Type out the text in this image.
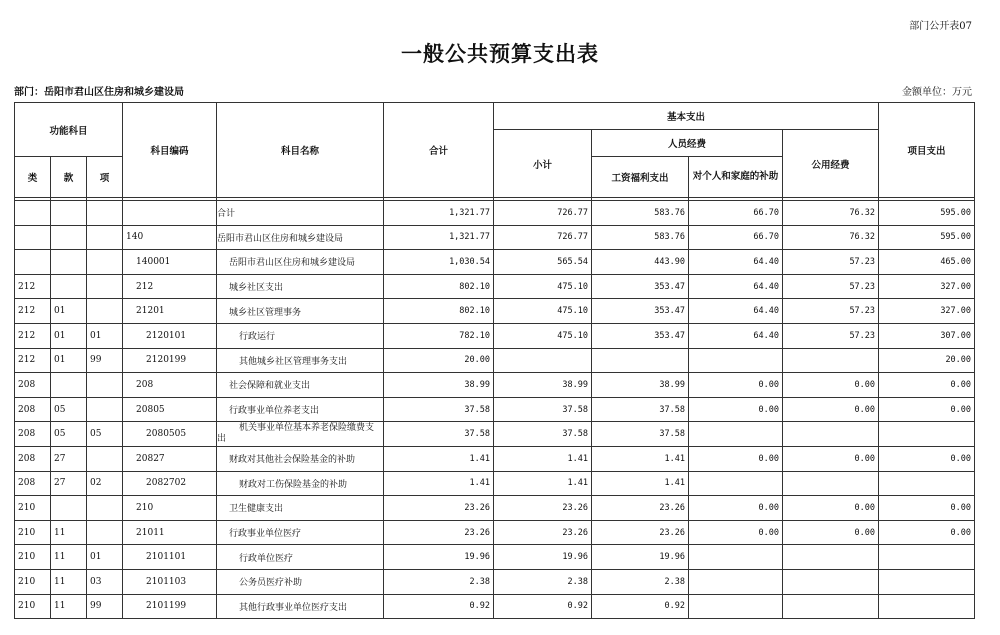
部门公开表07
一般公共预算支出表
部门：岳阳市君山区住房和城乡建设局	金额单位：万元
功能科目			科目编码	科目名称	合计	基本支出				项目支出
						小计	人员经费		公用经费	
类	款	项					工资福利支出	对个人和家庭的补助		

				合计	1,321.77	726.77	583.76	66.70	76.32	595.00
			140	岳阳市君山区住房和城乡建设局	1,321.77	726.77	583.76	66.70	76.32	595.00
			140001	岳阳市君山区住房和城乡建设局	1,030.54	565.54	443.90	64.40	57.23	465.00
212			212	城乡社区支出	802.10	475.10	353.47	64.40	57.23	327.00
212	01		21201	城乡社区管理事务	802.10	475.10	353.47	64.40	57.23	327.00
212	01	01	2120101	行政运行	782.10	475.10	353.47	64.40	57.23	307.00
212	01	99	2120199	其他城乡社区管理事务支出	20.00					20.00
208			208	社会保障和就业支出	38.99	38.99	38.99	0.00	0.00	0.00
208	05		20805	行政事业单位养老支出	37.58	37.58	37.58	0.00	0.00	0.00
208	05	05	2080505	机关事业单位基本养老保险缴费支出	37.58	37.58	37.58			
208	27		20827	财政对其他社会保险基金的补助	1.41	1.41	1.41	0.00	0.00	0.00
208	27	02	2082702	财政对工伤保险基金的补助	1.41	1.41	1.41			
210			210	卫生健康支出	23.26	23.26	23.26	0.00	0.00	0.00
210	11		21011	行政事业单位医疗	23.26	23.26	23.26	0.00	0.00	0.00
210	11	01	2101101	行政单位医疗	19.96	19.96	19.96			
210	11	03	2101103	公务员医疗补助	2.38	2.38	2.38			
210	11	99	2101199	其他行政事业单位医疗支出	0.92	0.92	0.92			
